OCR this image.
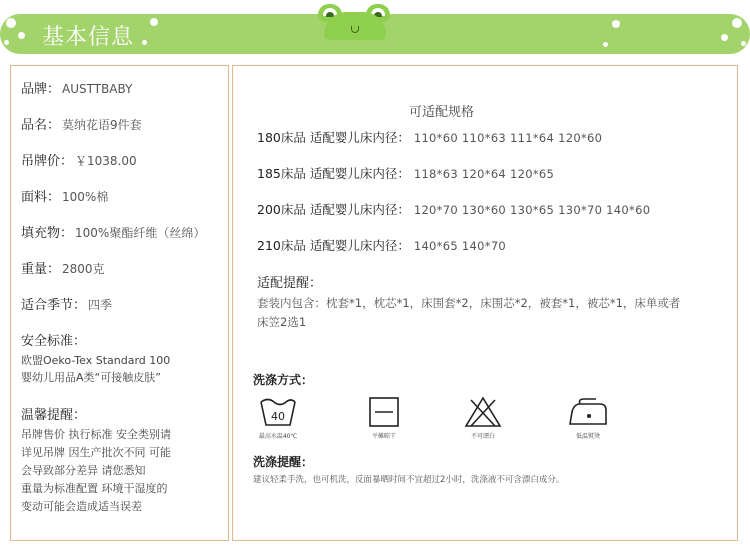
基本信息
品牌： AUSTTBABY
品名： 莫纳花语9件套
吊牌价： ￥1038.00
面料： 100%棉
填充物： 100%聚酯纤维（丝绵）
重量： 2800克
适合季节： 四季
安全标准：
欧盟Oeko-Tex Standard 100
婴幼儿用品A类“可接触皮肤”
温馨提醒：
吊牌售价 执行标准 安全类别请
详见吊牌 因生产批次不同 可能
会导致部分差异 请您悉知
重量为标准配置 环境干湿度的
变动可能会造成适当误差
可适配规格
180床品 适配婴儿床内径： 110*60 110*63 111*64 120*60
185床品 适配婴儿床内径： 118*63 120*64 120*65
200床品 适配婴儿床内径： 120*70 130*60 130*65 130*70 140*60
210床品 适配婴儿床内径： 140*65 140*70
适配提醒：
套装内包含：枕套*1，枕芯*1，床围套*2，床围芯*2，被套*1，被芯*1，床单或者床笠2选1
洗涤方式：
40
最高水温40℃	平摊晾干	不可漂白	低温熨烫
洗涤提醒：
建议轻柔手洗，也可机洗，反面暴晒时间不宜超过2小时，洗涤液不可含漂白成分。
